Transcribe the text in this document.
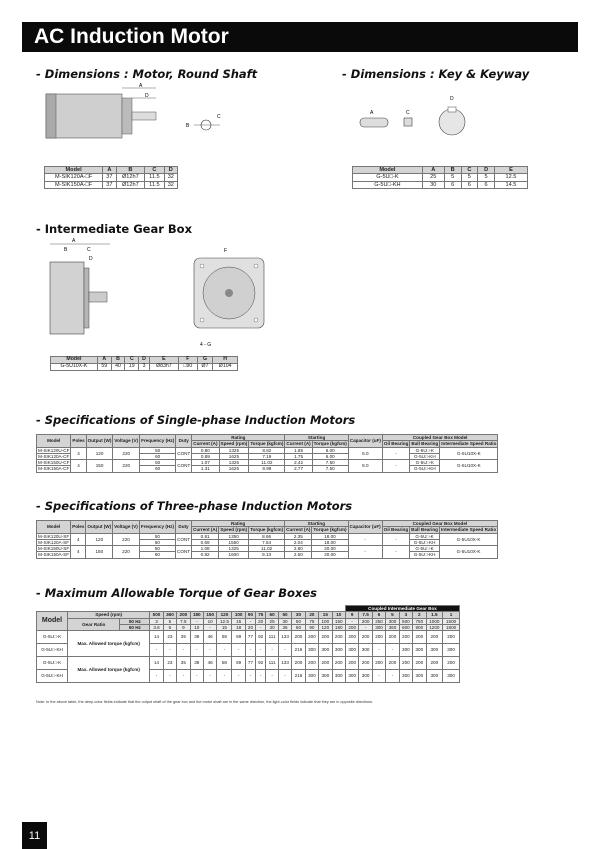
AC Induction Motor
- Dimensions : Motor, Round Shaft	- Dimensions : Key & Keyway
A
D
B
C
A	C
D
Model	A	B	C	D
M-SIK120A-□F	37	Ø12h7	11.5	32
M-SIK150A-□F	37	Ø12h7	11.5	32
Model	A	B	C	D	E
G-5U□-K	25	5	5	5	12.5
G-5U□-KH	30	6	6	6	14.5
- Intermediate Gear Box
A
B	C
D
F
4 - G
Model	A	B	C	D	E	F	G	H
G-5U10X-K	59	40	19	3	Ø83h7	□90	Ø7	Ø104
- Specifications of Single-phase Induction Motors
Model	Poles	Output (W)	Voltage (V)	Frequency (Hz)	Duty	Rating			Starting		Capacitor (uF)	Coupled Gear Box Model		
						Current (A)	Speed (rpm)	Torque (kgfcm)	Current (A)	Torque (kgfcm)		Oil Bearing	Ball Bearing	Intermediate Speed Ratio
M-SIK120U-CF	4	120	220	50	CONT	0.80	1325	8.82	1.85	6.00	6.0	-	G-5U□-K	G-5U10X-K
M-SIK120A-CF				60		0.89	1625	7.19	1.75	6.00			G-5U□-KH	
M-SIK150U-CF	4	150	220	50	CONT	1.07	1325	11.02	2.42	7.50	8.0	-	G-5U□-K	G-5U10X-K
M-SIK150A-CF				60		1.31	1625	8.99	2.77	7.50			G-5U□-KH	
- Specifications of Three-phase Induction Motors
Model	Poles	Output (W)	Voltage (V)	Frequency (Hz)	Duty	Rating			Starting		Capacitor (uF)	Coupled Gear Box Model		
						Current (A)	Speed (rpm)	Torque (kgfcm)	Current (A)	Torque (kgfcm)		Oil Bearing	Ball Bearing	Intermediate Speed Ratio
M-SIK120U-SF	4	120	220	50	CONT	0.81	1350	8.66	2.35	18.00	-	-	G-5U□-K	G-5U10X-K
M-SIK120A-SF				60		0.69	1550	7.54	2.04	18.00			G-5U□-KH	
M-SIK150U-SF	4	150	220	50	CONT	1.08	1325	11.02	2.80	20.00	-	-	G-5U□-K	G-5U10X-K
M-SIK150A-SF				60		0.82	1600	9.13	2.60	20.00			G-5U□-KH	
- Maximum Allowable Torque of Gear Boxes
																		Coupled Intermediate Gear Box							
Model	Speed (rpm)		500	360	200	180	150	120	100	90	75	60	50	30	20	15	10	9	7.5	6	5	3	2	1.5	1
	Gear Ratio	50 Hz	3	5	7.5	-	10	12.5	15	-	20	25	30	50	75	100	150	-	200	250	300	500	750	1000	1500
		60 Hz	3.6	6	9	10	-	15	18	20	-	30	36	60	90	120	180	200	-	300	360	600	900	1200	1800
G-5U□-K	Max. Allowed torque (kgfcm)		14	23	35	38	46	58	69	77	92	111	133	200	200	200	200	200	200	200	200	200	200	200	200
G-5U□-KH			-	-	-	-	-	-	-	-	-	-	-	216	300	300	300	300	300	-	-	300	300	300	300
G-5U□-K	Max. Allowed torque (kgfcm)		14	23	35	38	46	58	69	77	92	111	133	200	200	200	200	200	200	200	200	200	200	200	200
G-5U□-KH			-	-	-	-	-	-	-	-	-	-	-	216	300	300	300	300	300	-	-	300	300	300	300
Note: In the above table, the deep-color fields indicate that the output shaft of the gear box and the motor shaft are in the same direction, the light-color fields indicate that they are in opposite directions.
11
